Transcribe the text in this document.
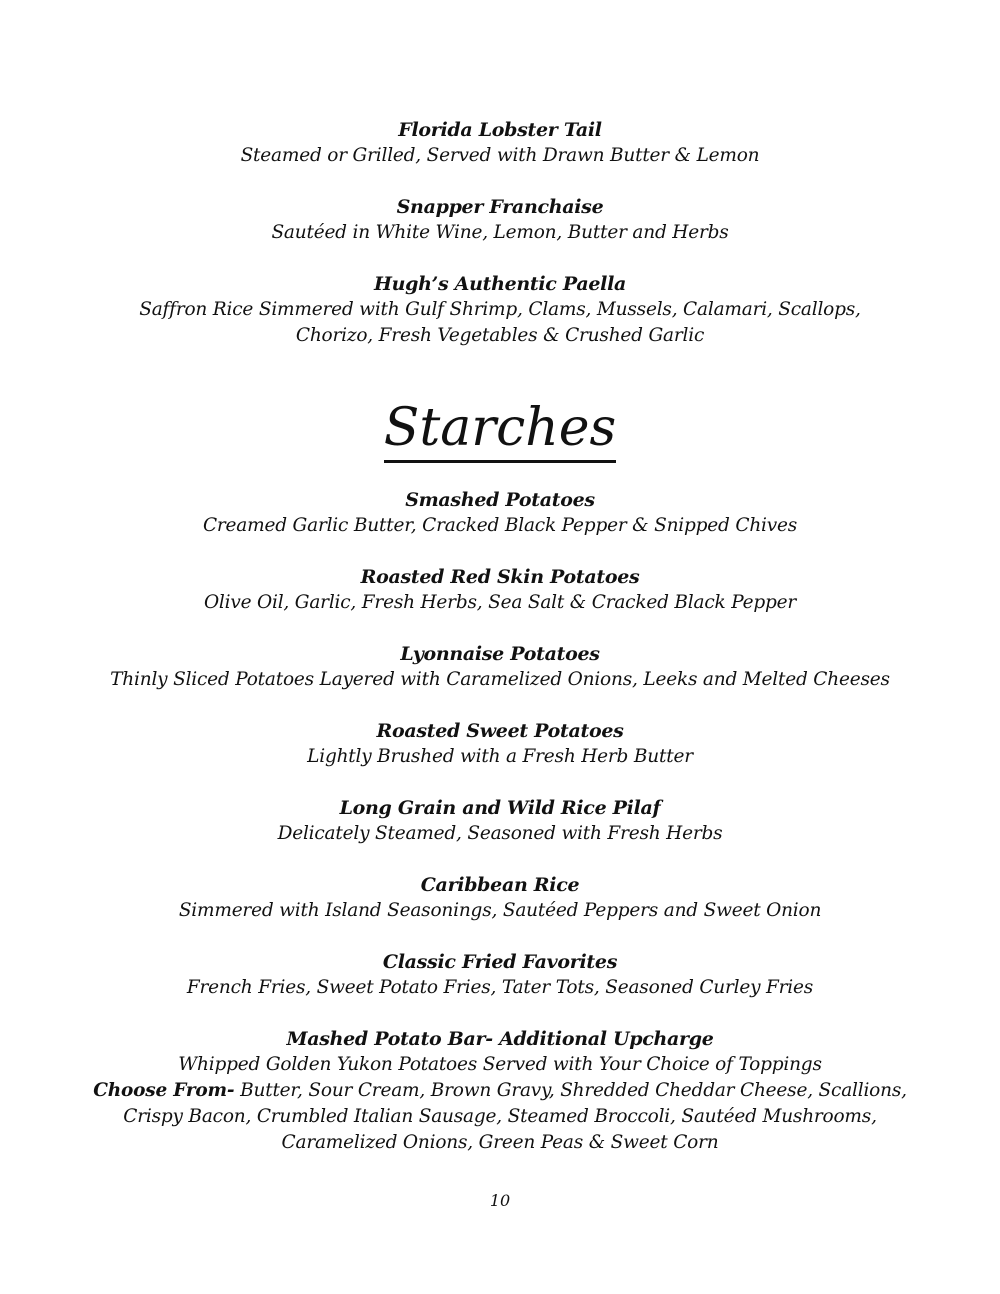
Florida Lobster Tail
Steamed or Grilled, Served with Drawn Butter & Lemon
Snapper Franchaise
Sautéed in White Wine, Lemon, Butter and Herbs
Hugh’s Authentic Paella
Saffron Rice Simmered with Gulf Shrimp, Clams, Mussels, Calamari, Scallops,
Chorizo, Fresh Vegetables & Crushed Garlic
Starches
Smashed Potatoes
Creamed Garlic Butter, Cracked Black Pepper & Snipped Chives
Roasted Red Skin Potatoes
Olive Oil, Garlic, Fresh Herbs, Sea Salt & Cracked Black Pepper
Lyonnaise Potatoes
Thinly Sliced Potatoes Layered with Caramelized Onions, Leeks and Melted Cheeses
Roasted Sweet Potatoes
Lightly Brushed with a Fresh Herb Butter
Long Grain and Wild Rice Pilaf
Delicately Steamed, Seasoned with Fresh Herbs
Caribbean Rice
Simmered with Island Seasonings, Sautéed Peppers and Sweet Onion
Classic Fried Favorites
French Fries, Sweet Potato Fries, Tater Tots, Seasoned Curley Fries
Mashed Potato Bar- Additional Upcharge
Whipped Golden Yukon Potatoes Served with Your Choice of Toppings
Choose From- Butter, Sour Cream, Brown Gravy, Shredded Cheddar Cheese, Scallions,
Crispy Bacon, Crumbled Italian Sausage, Steamed Broccoli, Sautéed Mushrooms,
Caramelized Onions, Green Peas & Sweet Corn
10
